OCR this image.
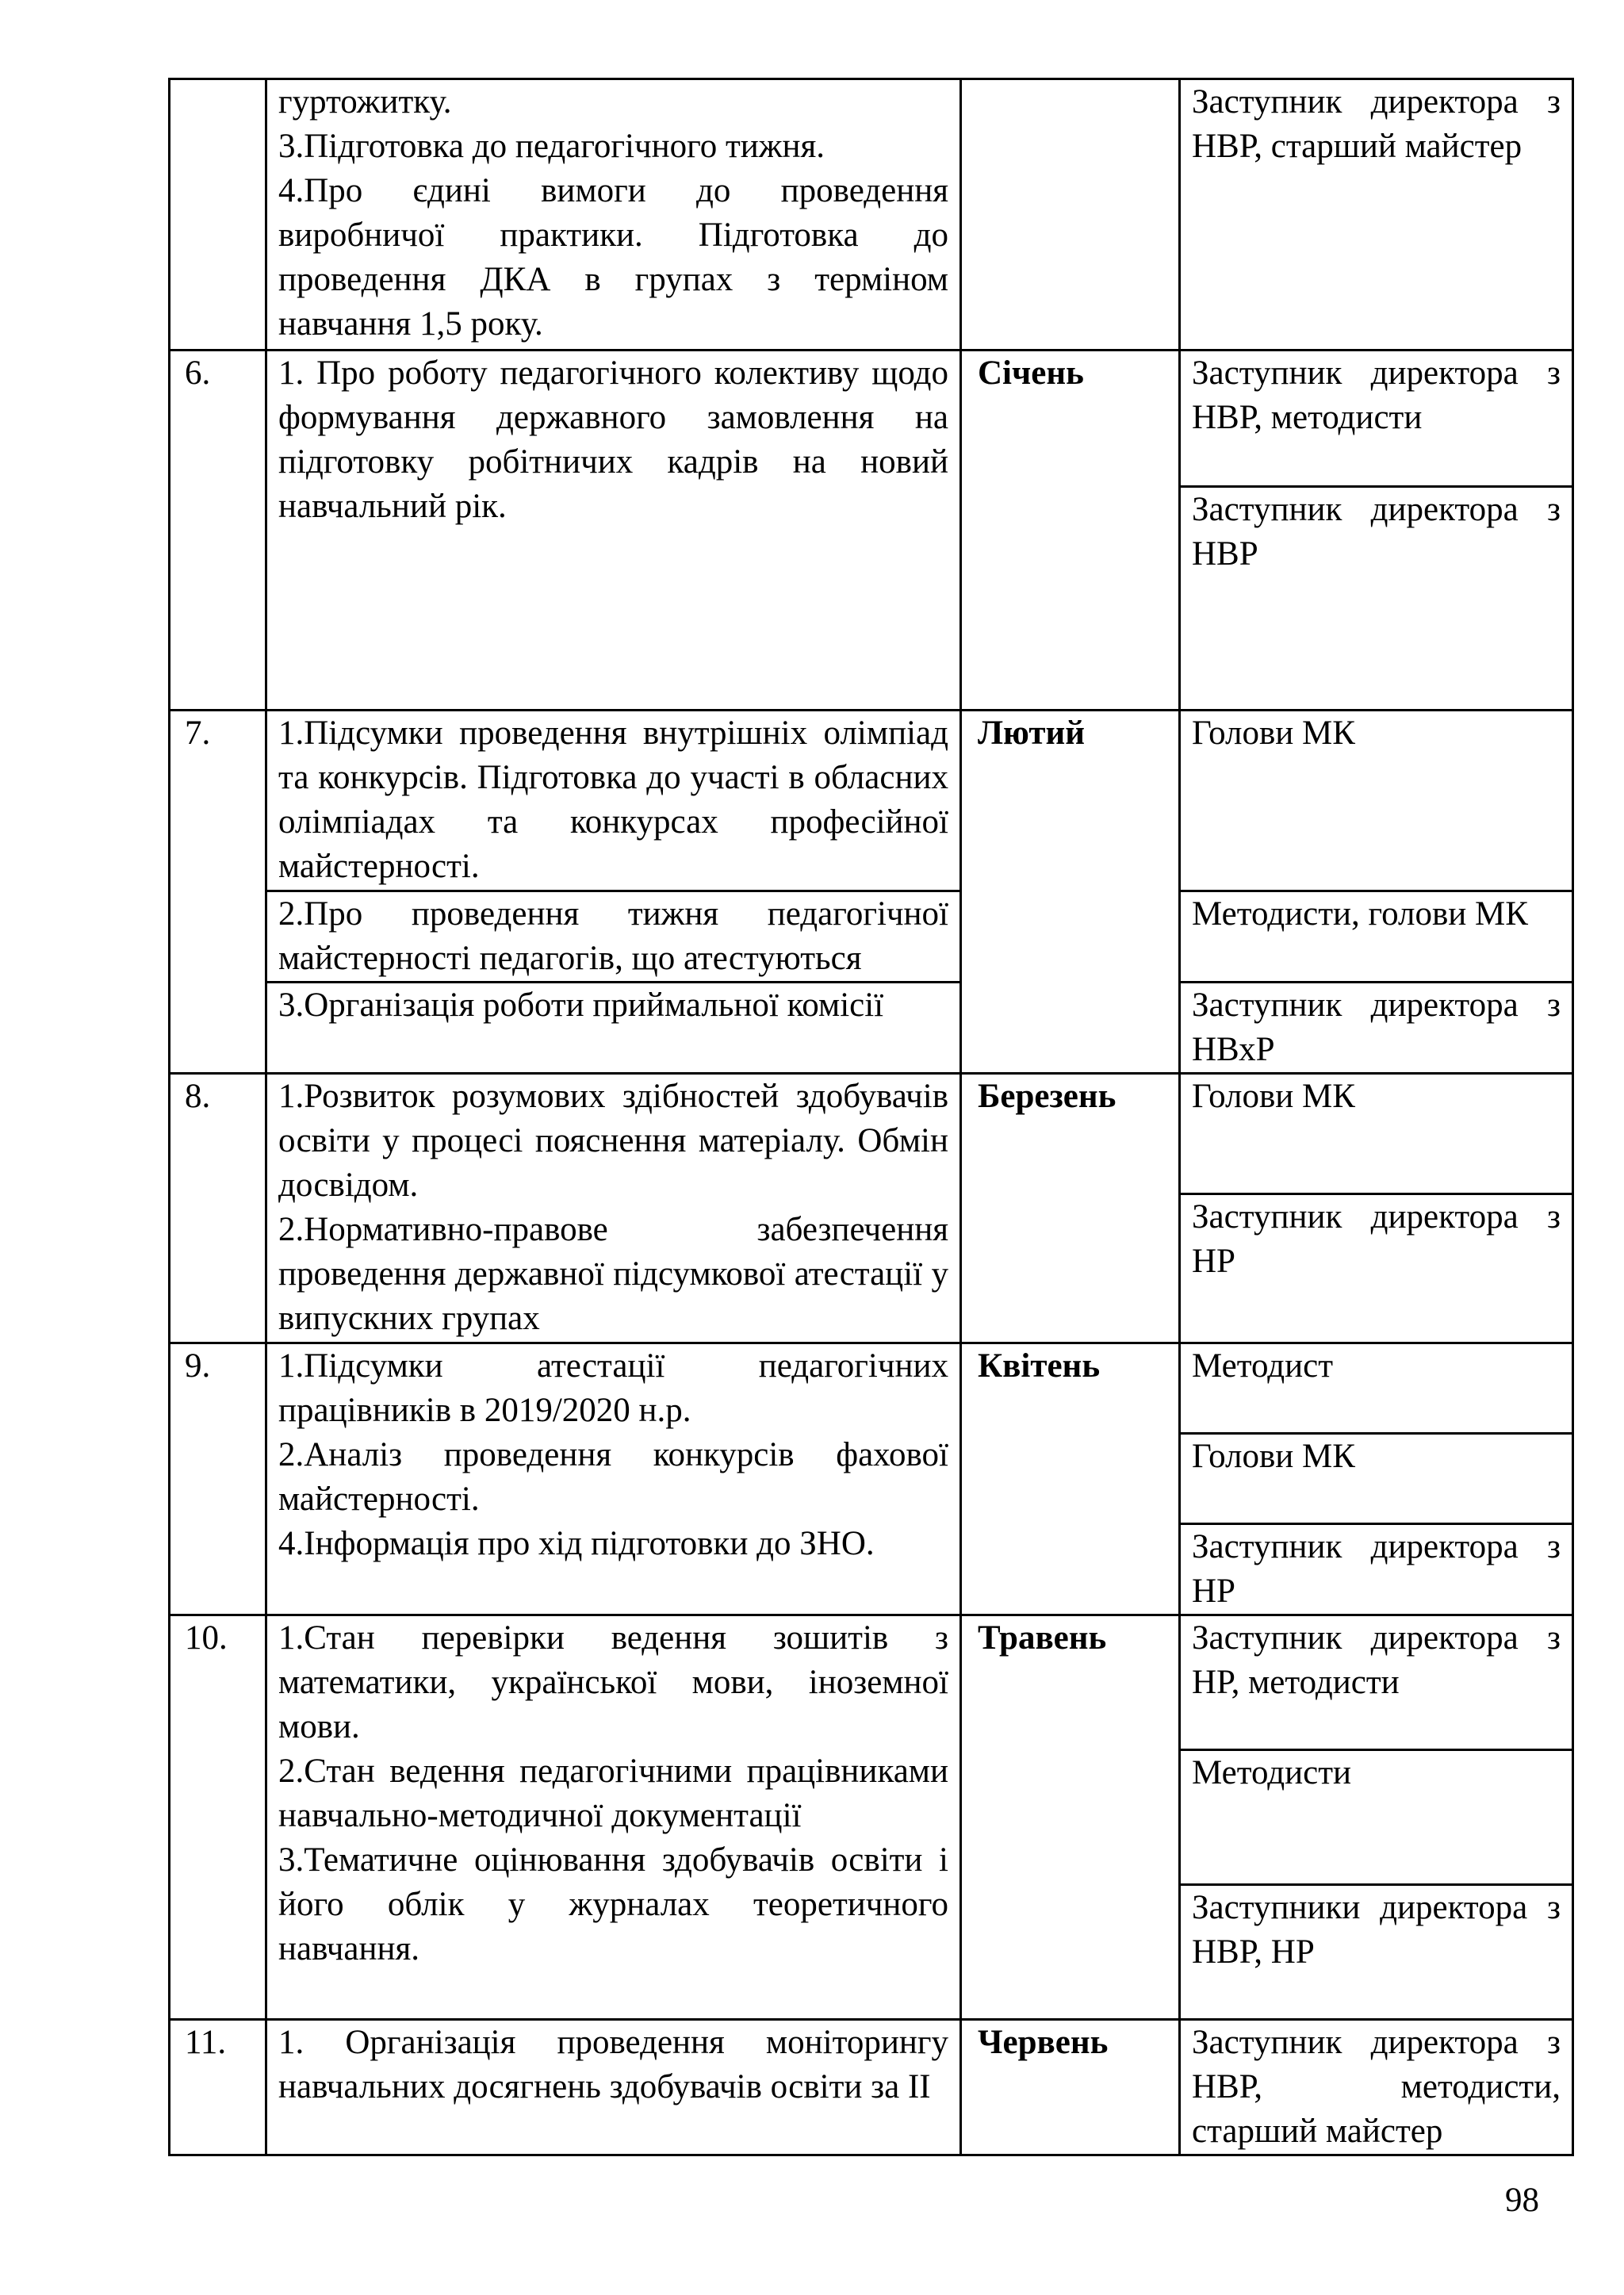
	гуртожитку.
3.Підготовка до педагогічного тижня.
4.Про єдині вимоги до проведення виробничої практики. Підготовка до проведення ДКА в групах з терміном навчання 1,5 року.		Заступник директора з НВР, старший майстер
6.	1. Про роботу педагогічного колективу щодо формування державного замовлення на підготовку робітничих кадрів на новий навчальний рік.	Січень	Заступник директора з НВР, методисти
			Заступник директора з НВР
7.	1.Підсумки проведення внутрішніх олімпіад та конкурсів. Підготовка до участі в обласних олімпіадах та конкурсах професійної майстерності.	Лютий	Голови МК

	2.Про проведення тижня педагогічної майстерності педагогів, що атестуються		Методисти, голови МК

	3.Організація роботи приймальної комісії		Заступник директора з НВхР
8.	1.Розвиток розумових здібностей здобувачів освіти у процесі пояснення матеріалу. Обмін досвідом.
2.Нормативно-правове забезпечення проведення державної підсумкової атестації у випускних групах	Березень	Голови МК
			Заступник директора з НР
9.	1.Підсумки атестації педагогічних працівників в 2019/2020 н.р.
2.Аналіз проведення конкурсів фахової майстерності.
4.Інформація про хід підготовки до ЗНО.	Квітень	Методист
			Голови МК
			Заступник директора з НР
10.	1.Стан перевірки ведення зошитів з математики, української мови, іноземної мови.
2.Стан ведення педагогічними працівниками навчально-методичної документації
3.Тематичне оцінювання здобувачів освіти і його облік у журналах теоретичного навчання.	Травень	Заступник директора з НР, методисти
			Методисти
			Заступники директора з НВР, НР
11.	1. Організація проведення моніторингу навчальних досягнень здобувачів освіти за ІІ	Червень	Заступник директора з НВР, методисти, старший майстер
98
